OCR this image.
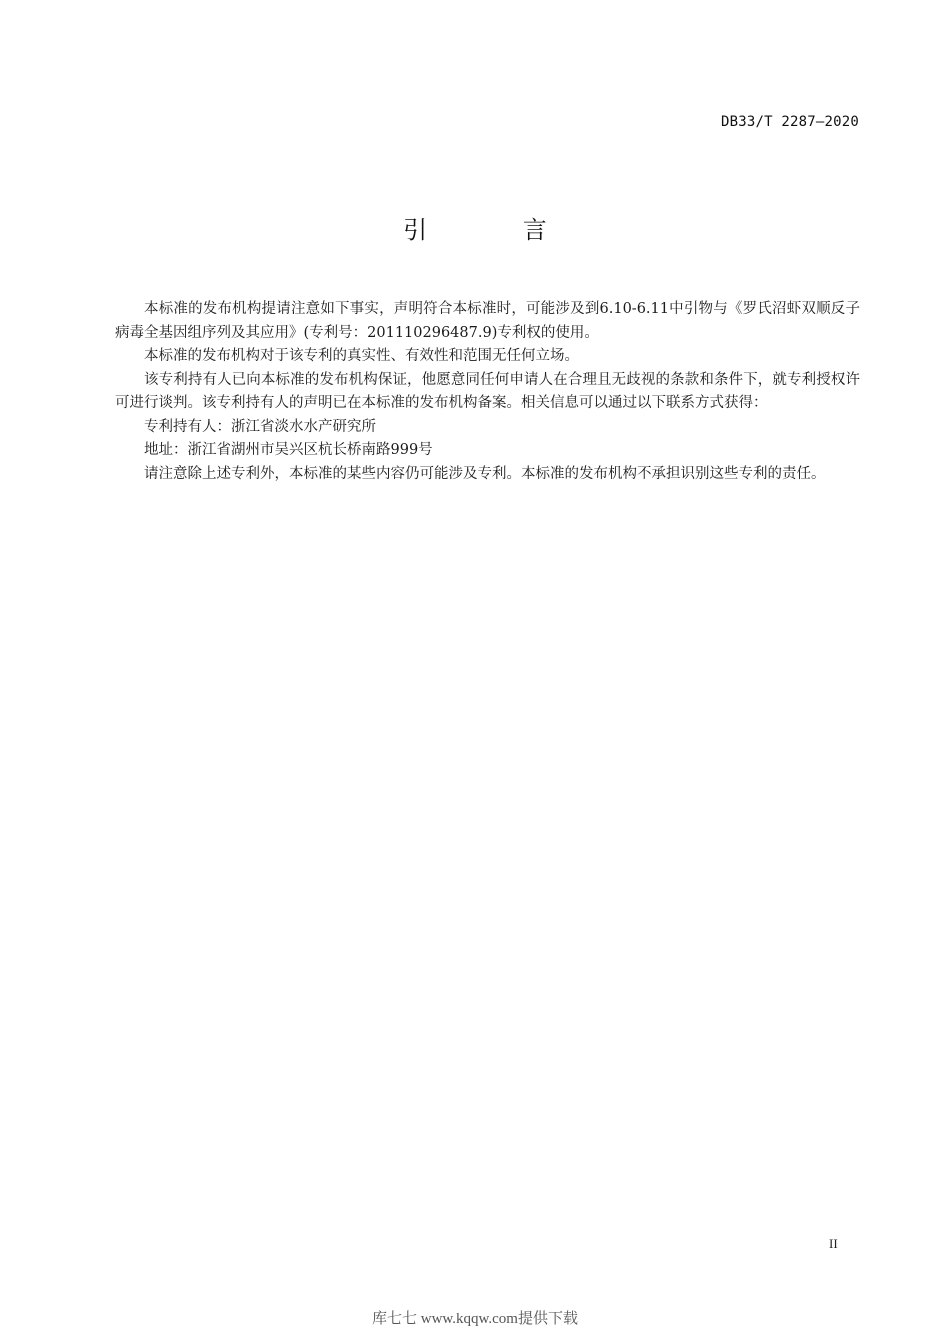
DB33/T 2287—2020
引 言

本标准的发布机构提请注意如下事实，声明符合本标准时，可能涉及到6.10-6.11中引物与《罗氏沼虾双顺反子病毒全基因组序列及其应用》(专利号：201110296487.9)专利权的使用。

本标准的发布机构对于该专利的真实性、有效性和范围无任何立场。

该专利持有人已向本标准的发布机构保证，他愿意同任何申请人在合理且无歧视的条款和条件下，就专利授权许可进行谈判。该专利持有人的声明已在本标准的发布机构备案。相关信息可以通过以下联系方式获得：

专利持有人：浙江省淡水水产研究所

地址：浙江省湖州市吴兴区杭长桥南路999号

请注意除上述专利外，本标准的某些内容仍可能涉及专利。本标准的发布机构不承担识别这些专利的责任。

II
库七七 www.kqqw.com提供下载
